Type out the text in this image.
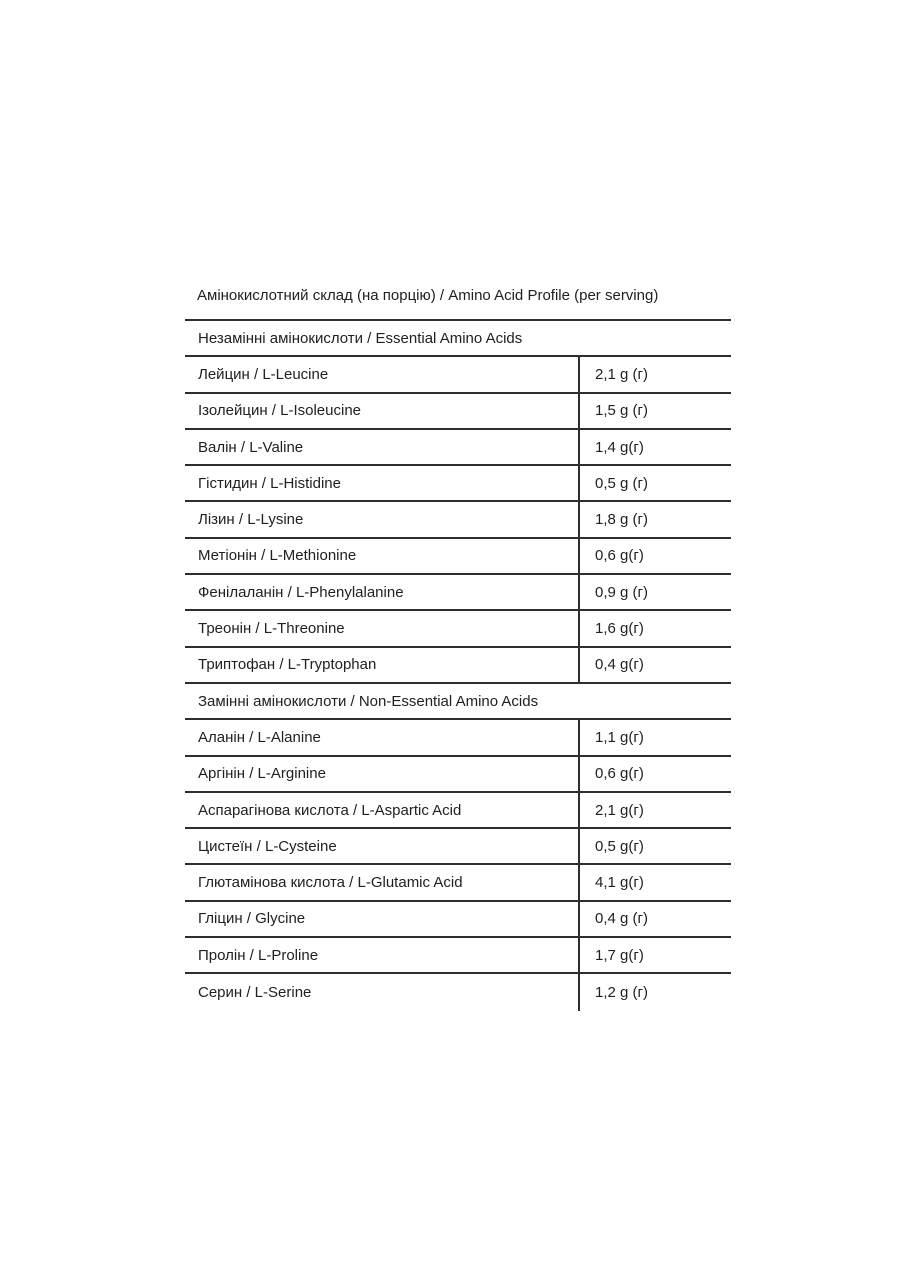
Амінокислотний склад (на порцію) / Amino Acid Profile (per serving)
Незамінні амінокислоти / Essential Amino Acids
Лейцин / L-Leucine	2,1 g (г)
Ізолейцин / L-Isoleucine	1,5 g (г)
Валін / L-Valine	1,4 g(г)
Гістидин / L-Histidine	0,5 g (г)
Лізин / L-Lysine	1,8 g (г)
Метіонін / L-Methionine	0,6 g(г)
Фенілаланін / L-Phenylalanine	0,9 g (г)
Треонін / L-Threonine	1,6 g(г)
Триптофан / L-Tryptophan	0,4 g(г)
Замінні амінокислоти / Non-Essential Amino Acids
Аланін / L-Alanine	1,1 g(г)
Аргінін / L-Arginine	0,6 g(г)
Аспарагінова кислота / L-Aspartic Acid	2,1 g(г)
Цистеїн / L-Cysteine	0,5 g(г)
Глютамінова кислота / L-Glutamic Acid	4,1 g(г)
Гліцин / Glycine	0,4 g (г)
Пролін / L-Proline	1,7 g(г)
Серин / L-Serine	1,2 g (г)
